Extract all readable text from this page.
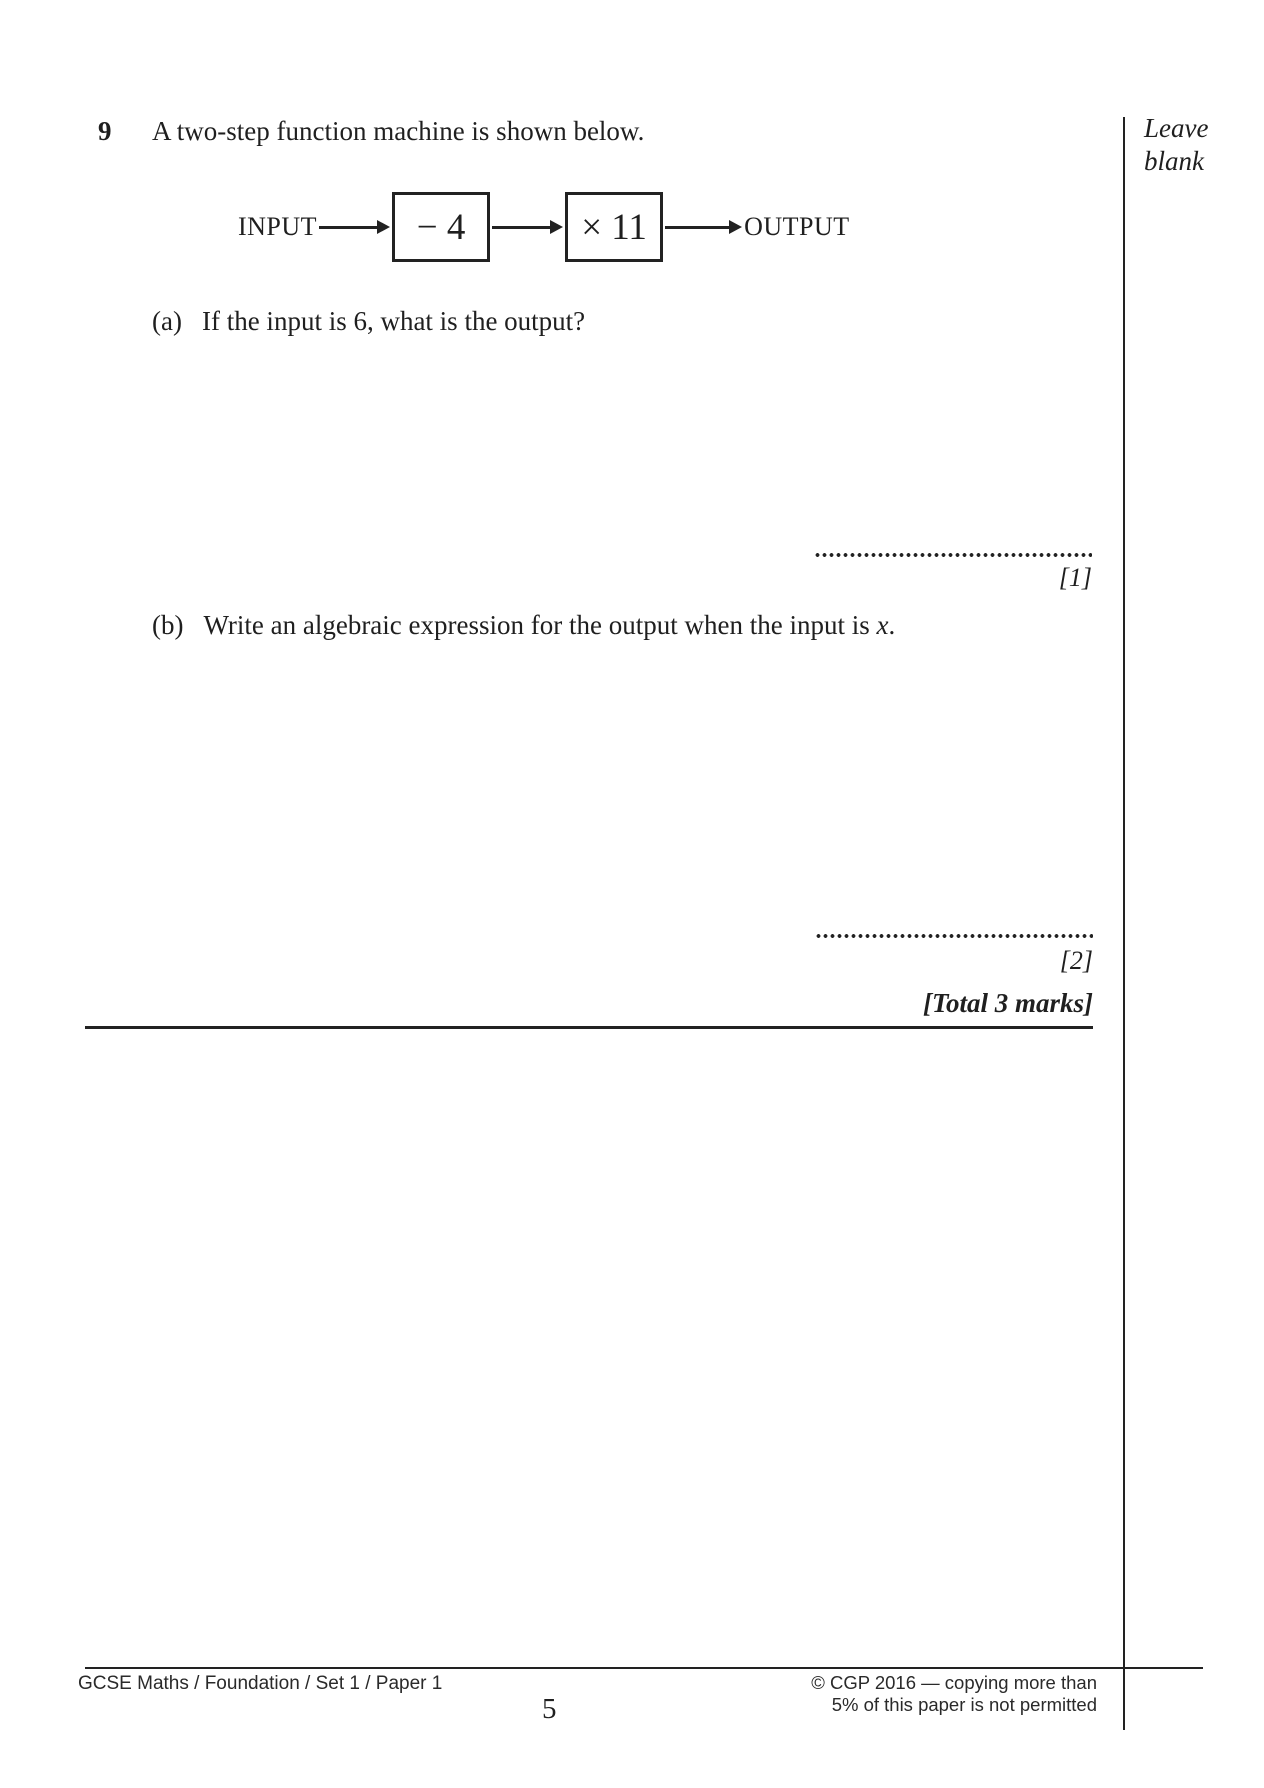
9 A two-step function machine is shown below.
INPUT	− 4	× 11	OUTPUT
(a) If the input is 6, what is the output?
[1]
(b) Write an algebraic expression for the output when the input is x.
[2]
[Total 3 marks]
Leave
blank
GCSE Maths / Foundation / Set 1 / Paper 1
5
© CGP 2016 — copying more than
5% of this paper is not permitted
